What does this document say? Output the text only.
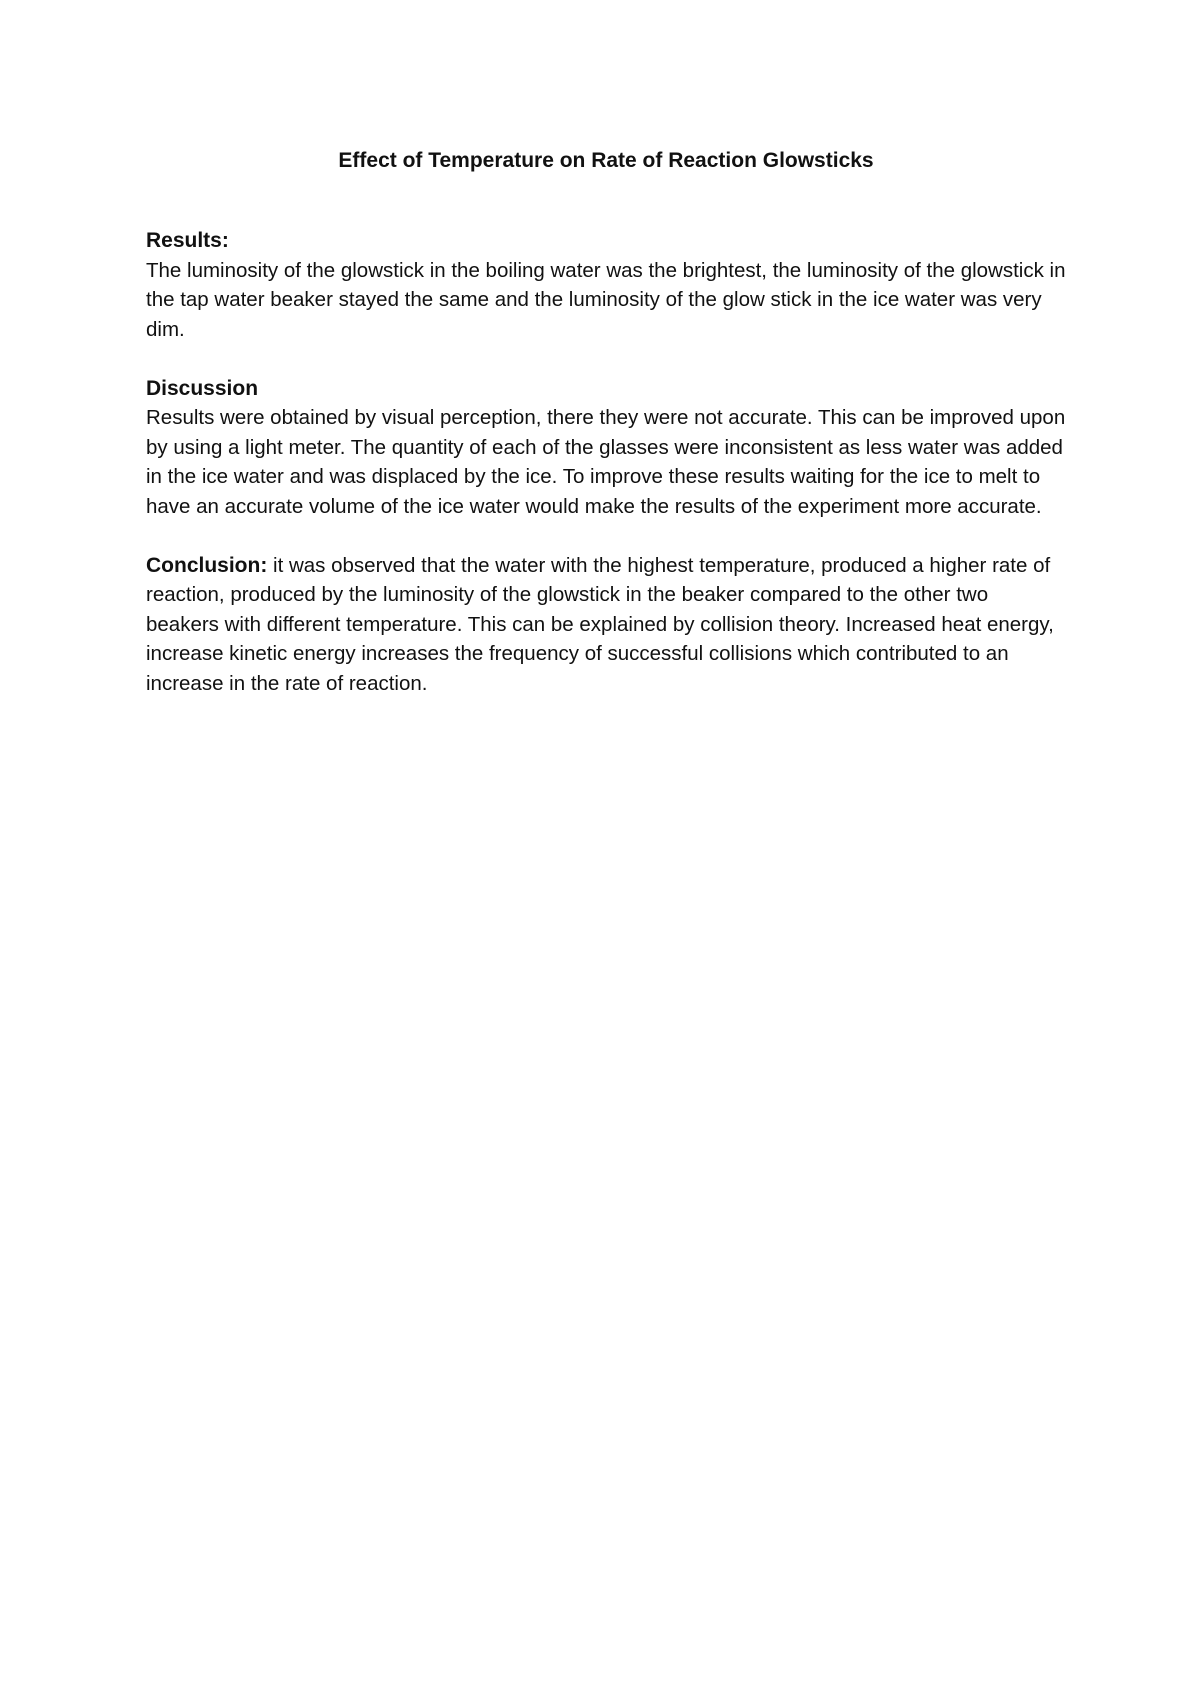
Effect of Temperature on Rate of Reaction Glowsticks
Results:

The luminosity of the glowstick in the boiling water was the brightest, the luminosity of the glowstick in the tap water beaker stayed the same and the luminosity of the glow stick in the ice water was very dim.

Discussion

Results were obtained by visual perception, there they were not accurate. This can be improved upon by using a light meter. The quantity of each of the glasses were inconsistent as less water was added in the ice water and was displaced by the ice. To improve these results waiting for the ice to melt to have an accurate volume of the ice water would make the results of the experiment more accurate.

Conclusion: it was observed that the water with the highest temperature, produced a higher rate of reaction, produced by the luminosity of the glowstick in the beaker compared to the other two beakers with different temperature. This can be explained by collision theory. Increased heat energy, increase kinetic energy increases the frequency of successful collisions which contributed to an increase in the rate of reaction.
